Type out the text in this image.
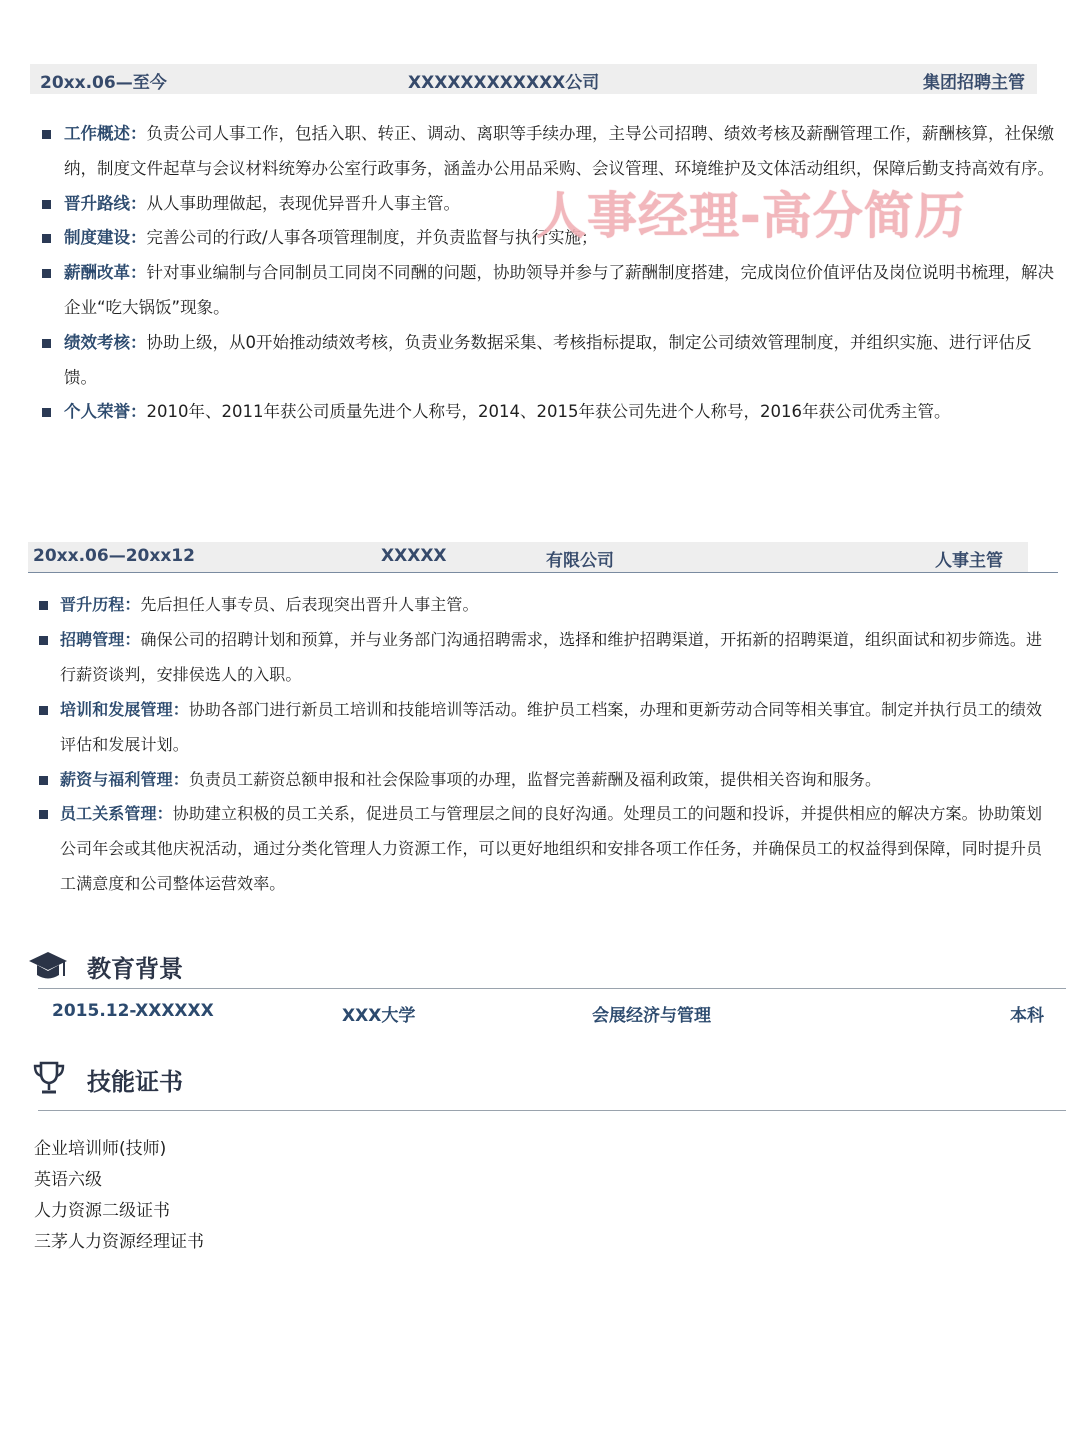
20xx.06—至今	XXXXXXXXXXXX公司	集团招聘主管
工作概述：负责公司人事工作，包括入职、转正、调动、离职等手续办理，主导公司招聘、绩效考核及薪酬管理工作，薪酬核算，社保缴纳，制度文件起草与会议材料统筹办公室行政事务，涵盖办公用品采购、会议管理、环境维护及文体活动组织，保障后勤支持高效有序。
晋升路线：从人事助理做起，表现优异晋升人事主管。
制度建设：完善公司的行政/人事各项管理制度，并负责监督与执行实施；
薪酬改革：针对事业编制与合同制员工同岗不同酬的问题，协助领导并参与了薪酬制度搭建，完成岗位价值评估及岗位说明书梳理，解决企业“吃大锅饭”现象。
绩效考核：协助上级，从0开始推动绩效考核，负责业务数据采集、考核指标提取，制定公司绩效管理制度，并组织实施、进行评估反馈。
个人荣誉：2010年、2011年获公司质量先进个人称号，2014、2015年获公司先进个人称号，2016年获公司优秀主管。
人事经理-高分简历
20xx.06—20xx12	XXXXX	有限公司	人事主管
晋升历程：先后担任人事专员、后表现突出晋升人事主管。
招聘管理：确保公司的招聘计划和预算，并与业务部门沟通招聘需求，选择和维护招聘渠道，开拓新的招聘渠道，组织面试和初步筛选。进行薪资谈判，安排侯选人的入职。
培训和发展管理：协助各部门进行新员工培训和技能培训等活动。维护员工档案，办理和更新劳动合同等相关事宜。制定并执行员工的绩效评估和发展计划。
薪资与福利管理：负责员工薪资总额申报和社会保险事项的办理，监督完善薪酬及福利政策，提供相关咨询和服务。
员工关系管理：协助建立积极的员工关系，促进员工与管理层之间的良好沟通。处理员工的问题和投诉，并提供相应的解决方案。协助策划公司年会或其他庆祝活动，通过分类化管理人力资源工作，可以更好地组织和安排各项工作任务，并确保员工的权益得到保障，同时提升员工满意度和公司整体运营效率。
教育背景
2015.12-XXXXXX	XXX大学	会展经济与管理	本科
技能证书
企业培训师(技师)
英语六级
人力资源二级证书
三茅人力资源经理证书
